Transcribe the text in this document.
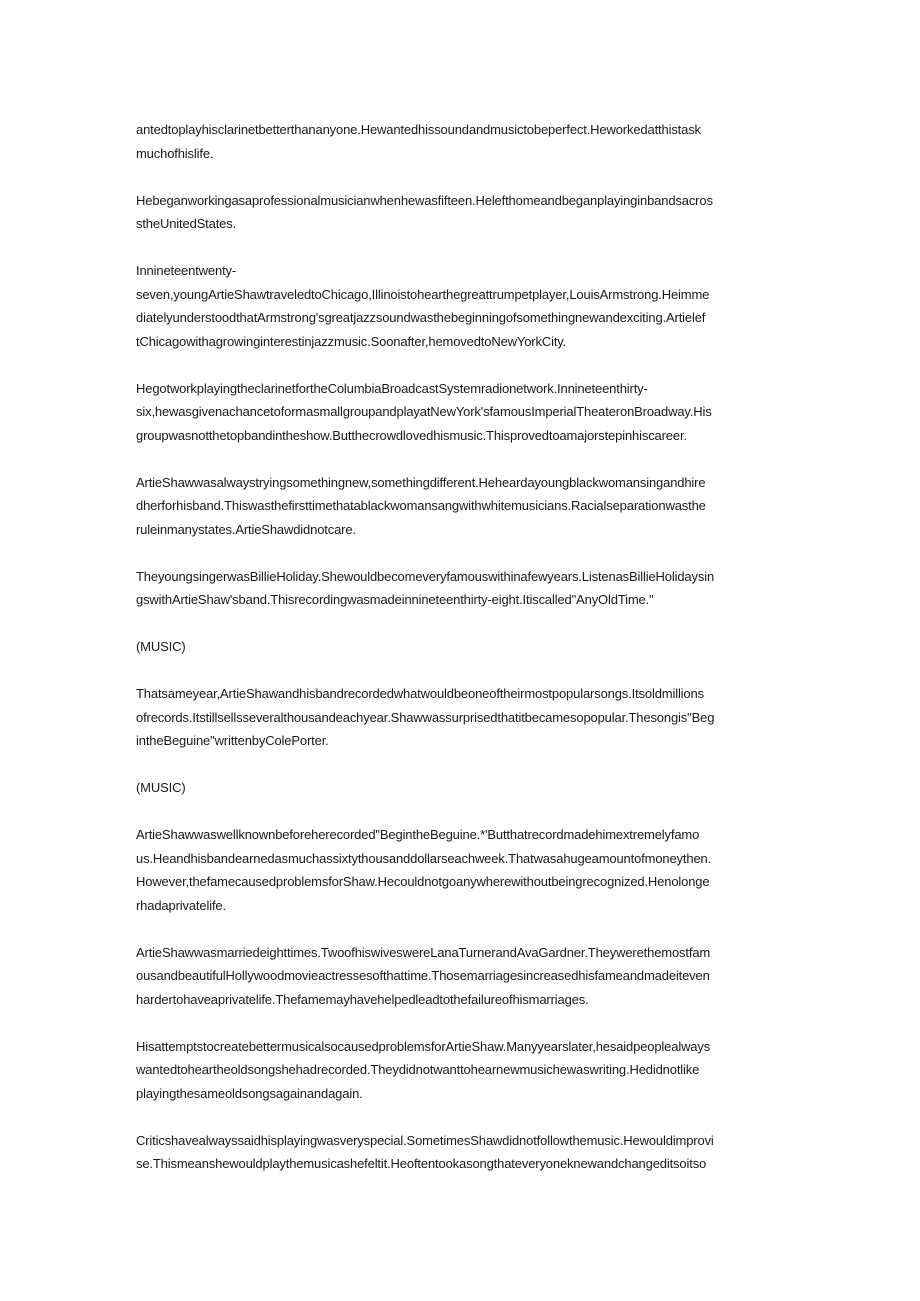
antedtoplayhisclarinetbetterthananyone.Hewantedhissoundandmusictobeperfect.Heworkedatthistask
muchofhislife.

Hebeganworkingasaprofessionalmusicianwhenhewasfifteen.Helefthomeandbeganplayinginbandsacros
stheUnitedStates.

Innineteentwenty-
seven,youngArtieShawtraveledtoChicago,Illinoistohearthegreattrumpetplayer,LouisArmstrong.Heimme
diatelyunderstoodthatArmstrong'sgreatjazzsoundwasthebeginningofsomethingnewandexciting.Artielef
tChicagowithagrowinginterestinjazzmusic.Soonafter,hemovedtoNewYorkCity.

HegotworkplayingtheclarinetfortheColumbiaBroadcastSystemradionetwork.Innineteenthirty-
six,hewasgivenachancetoformasmallgroupandplayatNewYork'sfamousImperialTheateronBroadway.His
groupwasnotthetopbandintheshow.Butthecrowdlovedhismusic.Thisprovedtoamajorstepinhiscareer.

ArtieShawwasalwaystryingsomethingnew,somethingdifferent.Heheardayoungblackwomansingandhire
dherforhisband.Thiswasthefirsttimethatablackwomansangwithwhitemusicians.Racialseparationwasthe
ruleinmanystates.ArtieShawdidnotcare.

TheyoungsingerwasBillieHoliday.Shewouldbecomeveryfamouswithinafewyears.ListenasBillieHolidaysin
gswithArtieShaw'sband.Thisrecordingwasmadeinnineteenthirty-eight.Itiscalled"AnyOldTime."

(MUSIC)

Thatsameyear,ArtieShawandhisbandrecordedwhatwouldbeoneoftheirmostpopularsongs.Itsoldmillions
ofrecords.Itstillsellsseveralthousandeachyear.Shawwassurprisedthatitbecamesopopular.Thesongis"Beg
intheBeguine"writtenbyColePorter.

(MUSIC)

ArtieShawwaswellknownbeforeherecorded"BegintheBeguine.*'Butthatrecordmadehimextremelyfamo
us.Heandhisbandearnedasmuchassixtythousanddollarseachweek.Thatwasahugeamountofmoneythen.
However,thefamecausedproblemsforShaw.Hecouldnotgoanywherewithoutbeingrecognized.Henolonge
rhadaprivatelife.

ArtieShawwasmarriedeighttimes.TwoofhiswiveswereLanaTurnerandAvaGardner.Theywerethemostfam
ousandbeautifulHollywoodmovieactressesofthattime.Thosemarriagesincreasedhisfameandmadeiteven
hardertohaveaprivatelife.Thefamemayhavehelpedleadtothefailureofhismarriages.

HisattemptstocreatebettermusicalsocausedproblemsforArtieShaw.Manyyearslater,hesaidpeoplealways
wantedtoheartheoldsongshehadrecorded.Theydidnotwanttohearnewmusichewaswriting.Hedidnotlike
playingthesameoldsongsagainandagain.

Criticshavealwayssaidhisplayingwasveryspecial.SometimesShawdidnotfollowthemusic.Hewouldimprovi
se.Thismeanshewouldplaythemusicashefeltit.Heoftentookasongthateveryoneknewandchangeditsoitso
